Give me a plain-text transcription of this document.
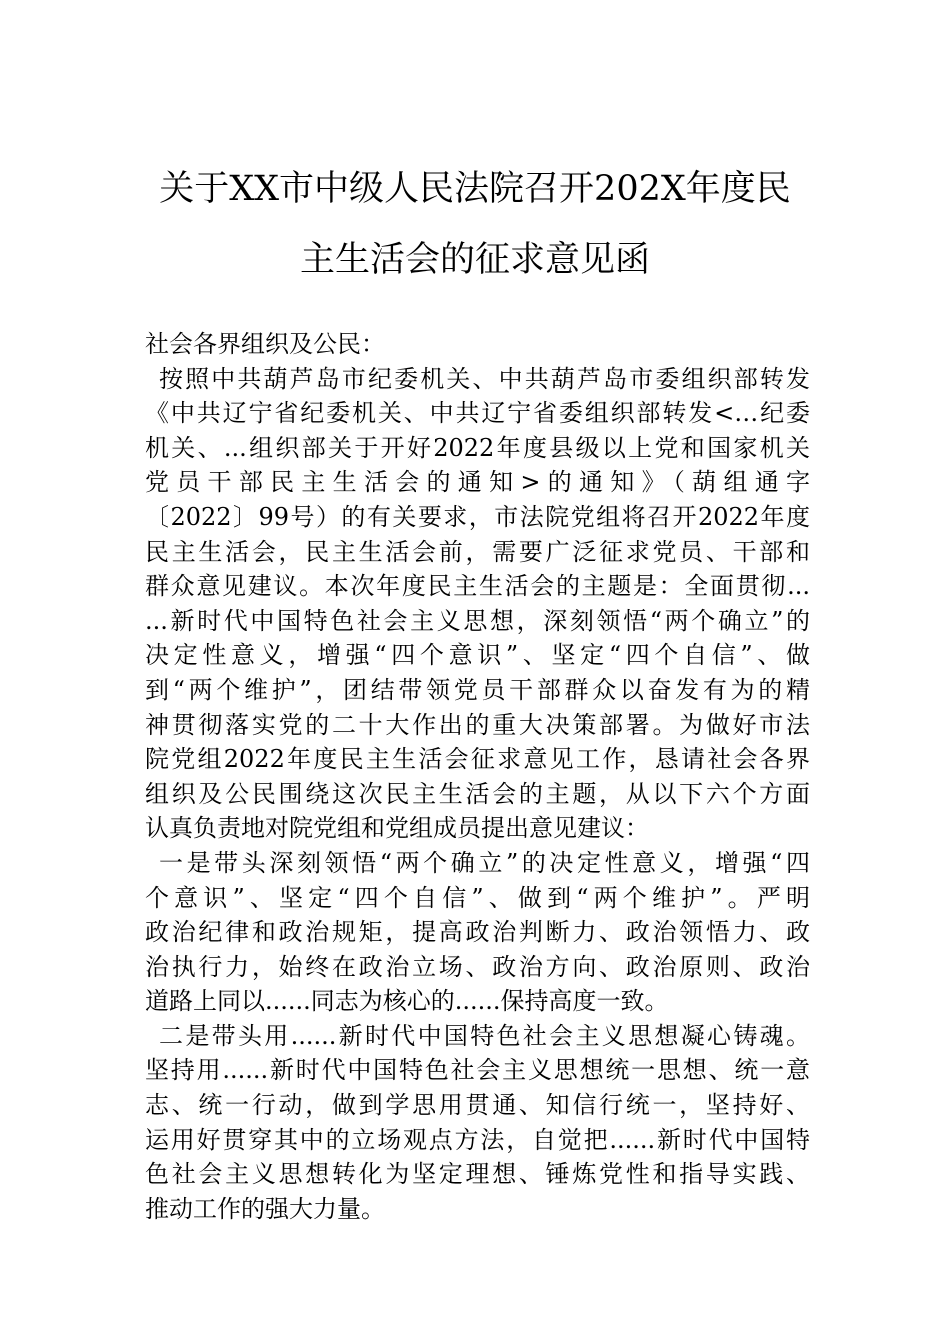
关于XX市中级人民法院召开202X年度民
主生活会的征求意见函
社会各界组织及公民：
按照中共葫芦岛市纪委机关、中共葫芦岛市委组织部转发
《中共辽宁省纪委机关、中共辽宁省委组织部转发<…纪委
机关、...组织部关于开好2022年度县级以上党和国家机关
党员干部民主生活会的通知>的通知》（葫组通字
〔2022〕99号）的有关要求，市法院党组将召开2022年度
民主生活会，民主生活会前，需要广泛征求党员、干部和
群众意见建议。本次年度民主生活会的主题是：全面贯彻...
...新时代中国特色社会主义思想，深刻领悟“两个确立”的
决定性意义，增强“四个意识”、坚定“四个自信”、做
到“两个维护”，团结带领党员干部群众以奋发有为的精
神贯彻落实党的二十大作出的重大决策部署。为做好市法
院党组2022年度民主生活会征求意见工作，恳请社会各界
组织及公民围绕这次民主生活会的主题，从以下六个方面
认真负责地对院党组和党组成员提出意见建议：
一是带头深刻领悟“两个确立”的决定性意义，增强“四
个意识”、坚定“四个自信”、做到“两个维护”。严明
政治纪律和政治规矩，提高政治判断力、政治领悟力、政
治执行力，始终在政治立场、政治方向、政治原则、政治
道路上同以......同志为核心的......保持高度一致。
二是带头用......新时代中国特色社会主义思想凝心铸魂。
坚持用......新时代中国特色社会主义思想统一思想、统一意
志、统一行动，做到学思用贯通、知信行统一，坚持好、
运用好贯穿其中的立场观点方法，自觉把......新时代中国特
色社会主义思想转化为坚定理想、锤炼党性和指导实践、
推动工作的强大力量。
